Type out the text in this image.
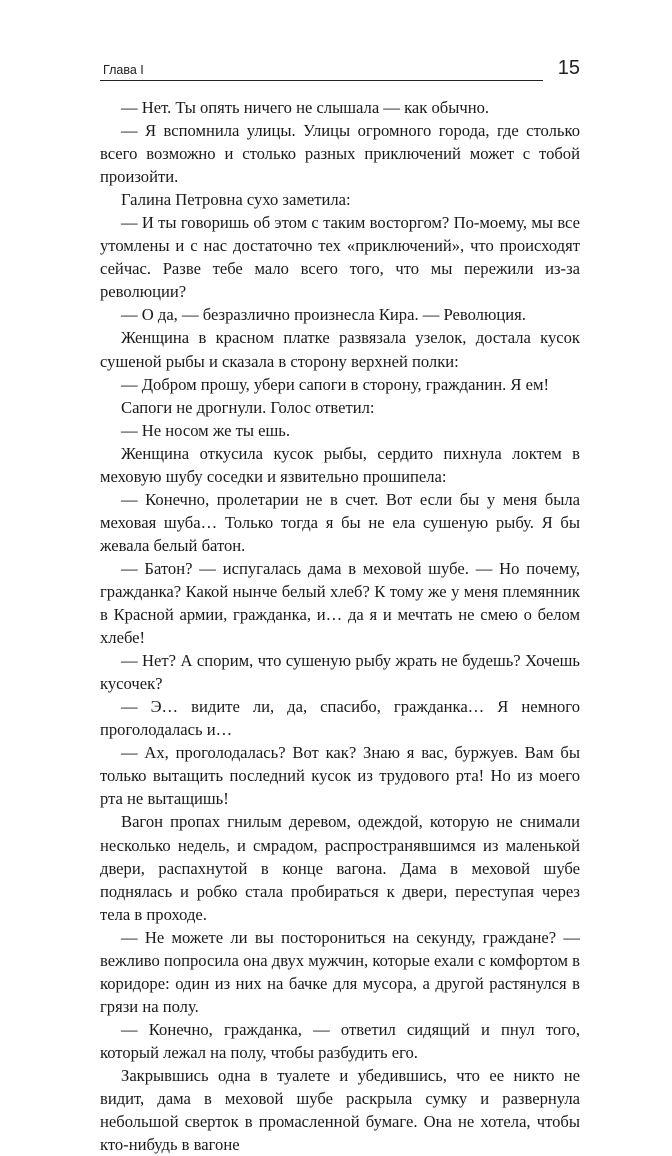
Глава I	15

— Нет. Ты опять ничего не слышала — как обычно.

— Я вспомнила улицы. Улицы огромного города, где столько всего возможно и столько разных приключений может с тобой произойти.

Галина Петровна сухо заметила:

— И ты говоришь об этом с таким восторгом? По-моему, мы все утомлены и с нас достаточно тех «приключений», что происходят сейчас. Разве тебе мало всего того, что мы пережили из-за революции?

— О да, — безразлично произнесла Кира. — Революция.

Женщина в красном платке развязала узелок, достала кусок сушеной рыбы и сказала в сторону верхней полки:

— Добром прошу, убери сапоги в сторону, гражданин. Я ем!

Сапоги не дрогнули. Голос ответил:

— Не носом же ты ешь.

Женщина откусила кусок рыбы, сердито пихнула локтем в меховую шубу соседки и язвительно прошипела:

— Конечно, пролетарии не в счет. Вот если бы у меня была меховая шуба… Только тогда я бы не ела сушеную рыбу. Я бы жевала белый батон.

— Батон? — испугалась дама в меховой шубе. — Но почему, гражданка? Какой нынче белый хлеб? К тому же у меня племянник в Красной армии, гражданка, и… да я и мечтать не смею о белом хлебе!

— Нет? А спорим, что сушеную рыбу жрать не будешь? Хочешь кусочек?

— Э… видите ли, да, спасибо, гражданка… Я немного проголодалась и…

— Ах, проголодалась? Вот как? Знаю я вас, буржуев. Вам бы только вытащить последний кусок из трудового рта! Но из моего рта не вытащишь!

Вагон пропах гнилым деревом, одеждой, которую не снимали несколько недель, и смрадом, распространявшимся из маленькой двери, распахнутой в конце вагона. Дама в меховой шубе поднялась и робко стала пробираться к двери, переступая через тела в проходе.

— Не можете ли вы посторониться на секунду, граждане? — вежливо попросила она двух мужчин, которые ехали с комфортом в коридоре: один из них на бачке для мусора, а другой растянулся в грязи на полу.

— Конечно, гражданка, — ответил сидящий и пнул того, который лежал на полу, чтобы разбудить его.

Закрывшись одна в туалете и убедившись, что ее никто не видит, дама в меховой шубе раскрыла сумку и развернула небольшой сверток в промасленной бумаге. Она не хотела, чтобы кто-нибудь в вагоне
